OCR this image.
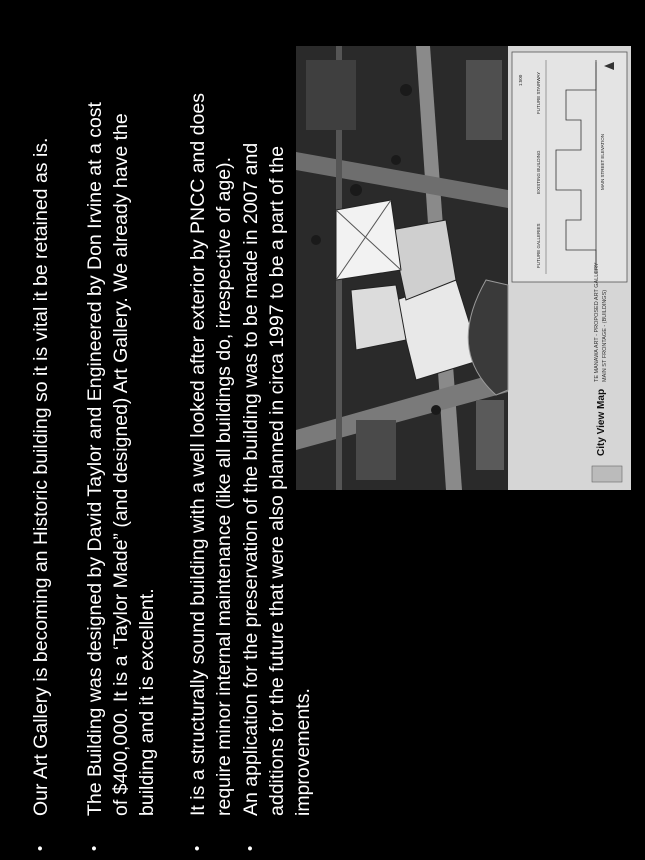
•
Our Art Gallery is becoming an Historic building so it is vital it be retained as is.
•
The Building was designed by David Taylor and Engineered by Don Irvine at a cost
of $400,000. It is a ‘Taylor Made” (and designed) Art Gallery. We already have the
building and it is excellent.
•
It is a structurally sound building with a well looked after exterior by PNCC and does
require minor internal maintenance (like all buildings do, irrespective of age).
•
An application for the preservation of the building was to be made in 2007 and
additions for the future that were also planned in circa 1997 to be a part of the
improvements.
City View Map
TE MANAWA ART - PROPOSED ART GALLERY MAIN ST FRONTAGE - (BUILDINGS)
MAIN STREET ELEVATION
FUTURE GALLERIES
EXISTING BUILDING
FUTURE STAIRWAY
1:500
